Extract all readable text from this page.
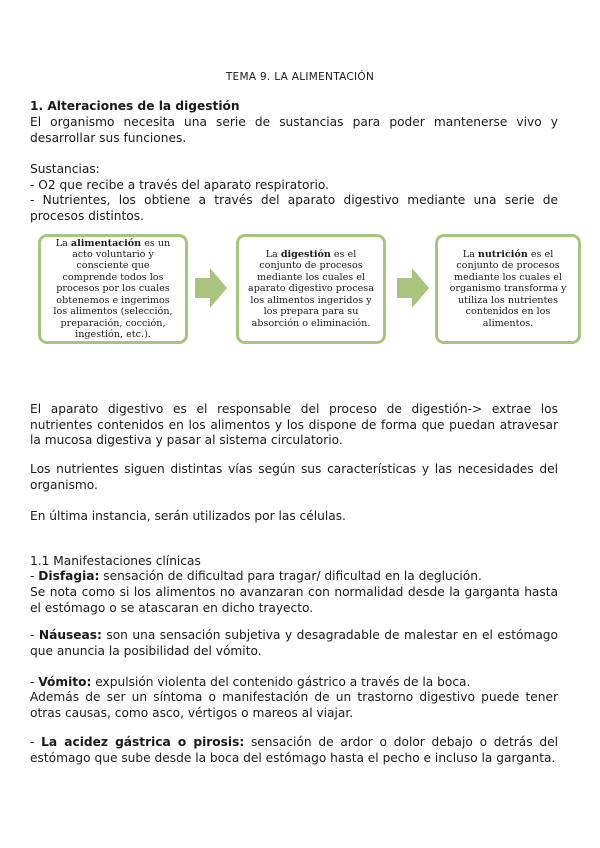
TEMA 9. LA ALIMENTACIÓN
1. Alteraciones de la digestión
El organismo necesita una serie de sustancias para poder mantenerse vivo y desarrollar sus funciones.
Sustancias:
- O2 que recibe a través del aparato respiratorio.
- Nutrientes, los obtiene a través del aparato digestivo mediante una serie de procesos distintos.
La alimentación es un acto voluntario y consciente que comprende todos los procesos por los cuales obtenemos e ingerimos los alimentos (selección, preparación, cocción, ingestión, etc.).
La digestión es el conjunto de procesos mediante los cuales el aparato digestivo procesa los alimentos ingeridos y los prepara para su absorción o eliminación.
La nutrición es el conjunto de procesos mediante los cuales el organismo transforma y utiliza los nutrientes contenidos en los alimentos.
El aparato digestivo es el responsable del proceso de digestión-> extrae los nutrientes contenidos en los alimentos y los dispone de forma que puedan atravesar la mucosa digestiva y pasar al sistema circulatorio.
Los nutrientes siguen distintas vías según sus características y las necesidades del organismo.
En última instancia, serán utilizados por las células.
1.1 Manifestaciones clínicas
- Disfagia: sensación de dificultad para tragar/ dificultad en la deglución.
Se nota como si los alimentos no avanzaran con normalidad desde la garganta hasta el estómago o se atascaran en dicho trayecto.
- Náuseas: son una sensación subjetiva y desagradable de malestar en el estómago que anuncia la posibilidad del vómito.
- Vómito: expulsión violenta del contenido gástrico a través de la boca.
Además de ser un síntoma o manifestación de un trastorno digestivo puede tener otras causas, como asco, vértigos o mareos al viajar.
- La acidez gástrica o pirosis: sensación de ardor o dolor debajo o detrás del estómago que sube desde la boca del estómago hasta el pecho e incluso la garganta.
